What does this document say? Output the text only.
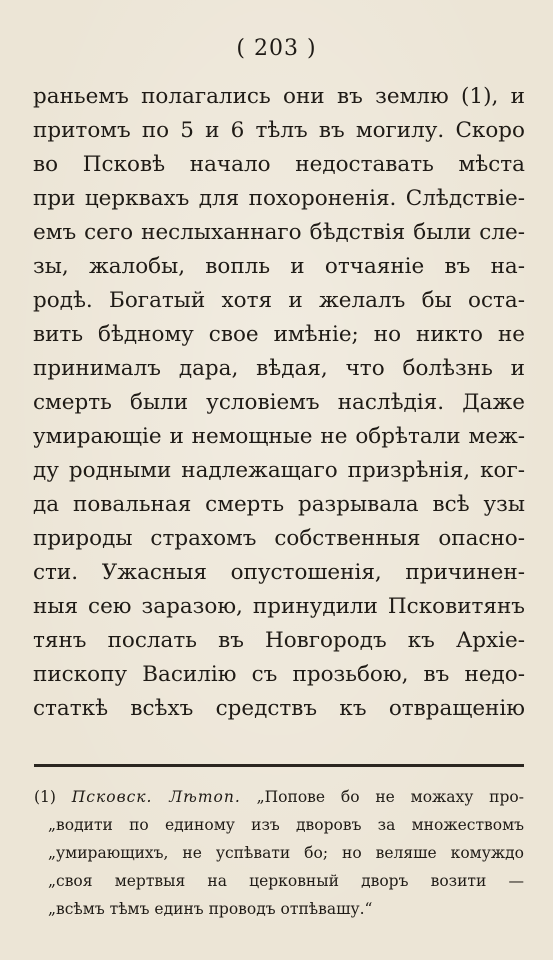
( 203 )
раньемъ полагались они въ землю (1), и
притомъ по 5 и 6 тѣлъ въ могилу. Скоро
во Псковѣ начало недоставать мѣста
при церквахъ для похороненія. Слѣдствіе-
емъ сего неслыханнаго бѣдствія были сле-
зы, жалобы, вопль и отчаяніе въ на-
родѣ. Богатый хотя и желалъ бы оста-
вить бѣдному свое имѣніе; но никто не
принималъ дара, вѣдая, что болѣзнь и
смерть были условіемъ наслѣдія. Даже
умирающіе и немощные не обрѣтали меж-
ду родными надлежащаго призрѣнія, ког-
да повальная смерть разрывала всѣ узы
природы страхомъ собственныя опасно-
сти. Ужасныя опустошенія, причинен-
ныя сею заразою, принудили Псковитянъ
тянъ послать въ Новгородъ къ Архіе-
пископу Василію съ прозьбою, въ недо-
статкѣ всѣхъ средствъ къ отвращенію
(1) Псковск. Лѣтоп. „Попове бо не можаху про-
„водити по единому изъ дворовъ за множествомъ
„умирающихъ, не успѣвати бо; но веляше комуждо
„своя мертвыя на церковный дворъ возити —
„всѣмъ тѣмъ единъ проводъ отпѣвашу.“
